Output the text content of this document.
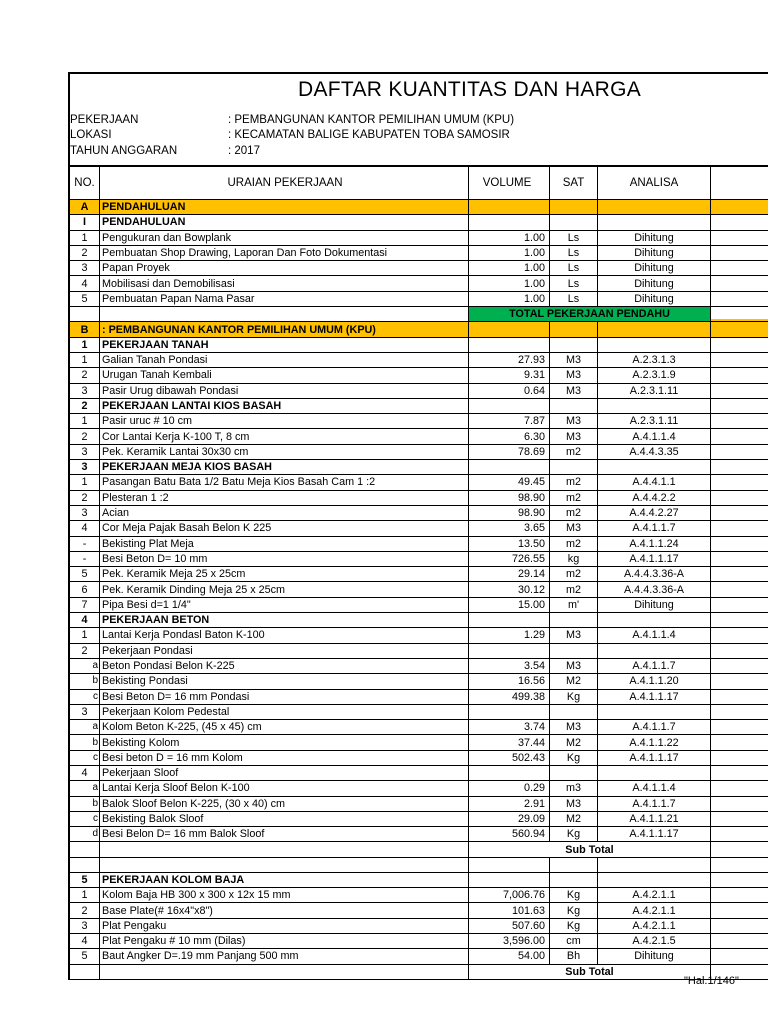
DAFTAR KUANTITAS DAN HARGA
PEKERJAAN	: PEMBANGUNAN KANTOR PEMILIHAN UMUM (KPU)
LOKASI	: KECAMATAN BALIGE KABUPATEN TOBA SAMOSIR
TAHUN ANGGARAN	: 2017
NO.	URAIAN PEKERJAAN	VOLUME	SAT	ANALISA	
A	PENDAHULUAN				
I	PENDAHULUAN				
1	Pengukuran dan Bowplank	1.00	Ls	Dihitung	
2	Pembuatan Shop Drawing, Laporan Dan Foto Dokumentasi	1.00	Ls	Dihitung	
3	Papan Proyek	1.00	Ls	Dihitung	
4	Mobilisasi dan Demobilisasi	1.00	Ls	Dihitung	
5	Pembuatan Papan Nama Pasar	1.00	Ls	Dihitung	
		TOTAL PEKERJAAN PENDAHU			
B	: PEMBANGUNAN KANTOR PEMILIHAN UMUM (KPU)				
1	PEKERJAAN TANAH				
1	Galian Tanah Pondasi	27.93	M3	A.2.3.1.3	
2	Urugan Tanah Kembali	9.31	M3	A.2.3.1.9	
3	Pasir Urug dibawah Pondasi	0.64	M3	A.2.3.1.11	
2	PEKERJAAN LANTAI KIOS BASAH				
1	Pasir uruc # 10 cm	7.87	M3	A.2.3.1.11	
2	Cor Lantai Kerja K-100 T, 8 cm	6.30	M3	A.4.1.1.4	
3	Pek. Keramik Lantai 30x30 cm	78.69	m2	A.4.4.3.35	
3	PEKERJAAN MEJA KIOS BASAH				
1	Pasangan Batu Bata 1/2 Batu Meja Kios Basah Cam 1 :2	49.45	m2	A.4.4.1.1	
2	Plesteran 1 :2	98.90	m2	A.4.4.2.2	
3	Acian	98.90	m2	A.4.4.2.27	
4	Cor Meja Pajak Basah Belon K 225	3.65	M3	A.4.1.1.7	
-	Bekisting Plat Meja	13.50	m2	A.4.1.1.24	
-	Besi Beton D= 10 mm	726.55	kg	A.4.1.1.17	
5	Pek. Keramik Meja 25 x 25cm	29.14	m2	A.4.4.3.36-A	
6	Pek. Keramik Dinding Meja 25 x 25cm	30.12	m2	A.4.4.3.36-A	
7	Pipa Besi d=1 1/4"	15.00	m'	Dihitung	
4	PEKERJAAN BETON				
1	Lantai Kerja Pondasl Baton K-100	1.29	M3	A.4.1.1.4	
2	Pekerjaan Pondasi				
a	Beton Pondasi Belon K-225	3.54	M3	A.4.1.1.7	
b	Bekisting Pondasi	16.56	M2	A.4.1.1.20	
c	Besi Beton D= 16 mm Pondasi	499.38	Kg	A.4.1.1.17	
3	Pekerjaan Kolom Pedestal				
a	Kolom Beton K-225, (45 x 45) cm	3.74	M3	A.4.1.1.7	
b	Bekisting Kolom	37.44	M2	A.4.1.1.22	
c	Besi beton D = 16 mm Kolom	502.43	Kg	A.4.1.1.17	
4	Pekerjaan Sloof				
a	Lantai Kerja Sloof Belon K-100	0.29	m3	A.4.1.1.4	
b	Balok Sloof Belon K-225, (30 x 40) cm	2.91	M3	A.4.1.1.7	
c	Bekisting Balok Sloof	29.09	M2	A.4.1.1.21	
d	Besi Belon D= 16 mm Balok Sloof	560.94	Kg	A.4.1.1.17	
		Sub Total			

5	PEKERJAAN KOLOM BAJA				
1	Kolom Baja HB 300 x 300 x 12x 15 mm	7,006.76	Kg	A.4.2.1.1	
2	Base Plate(# 16x4"x8")	101.63	Kg	A.4.2.1.1	
3	Plat Pengaku	507.60	Kg	A.4.2.1.1	
4	Plat Pengaku # 10 mm (Dilas)	3,596.00	cm	A.4.2.1.5	
5	Baut Angker D=.19 mm Panjang 500 mm	54.00	Bh	Dihitung	
		Sub Total			
"Hal.1/146"
